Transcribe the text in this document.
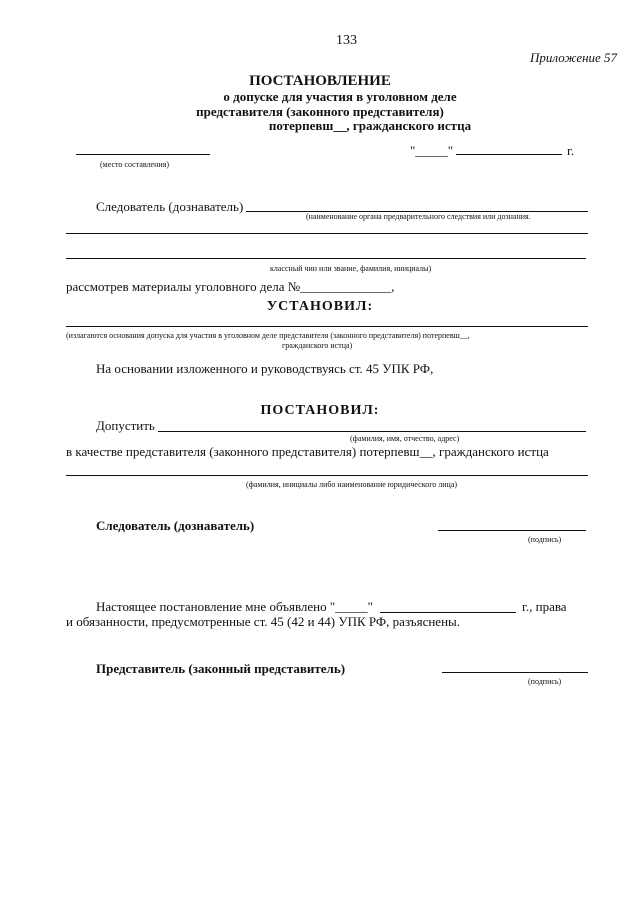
133
Приложение 57
ПОСТАНОВЛЕНИЕ
о допуске для участия в уголовном деле
представителя (законного представителя)
потерпевш__, гражданского истца
(место составления)
"_____"	г.
Следователь (дознаватель)
(наименование органа предварительного следствия или дознания.
классный чин или звание, фамилия, инициалы)
рассмотрев материалы уголовного дела №______________,
УСТАНОВИЛ:
(излагаются основания допуска для участия в уголовном деле представителя (законного представителя) потерпевш__,
гражданского истца)
На основании изложенного и руководствуясь ст. 45 УПК РФ,
ПОСТАНОВИЛ:
Допустить
(фамилия, имя, отчество, адрес)
в качестве представителя (законного представителя) потерпевш__, гражданского истца
(фамилия, инициалы либо наименование юридического лица)
Следователь (дознаватель)
(подпись)
Настоящее постановление мне объявлено "_____"	г., права
и обязанности, предусмотренные ст. 45 (42 и 44) УПК РФ, разъяснены.
Представитель (законный представитель)
(подпись)
